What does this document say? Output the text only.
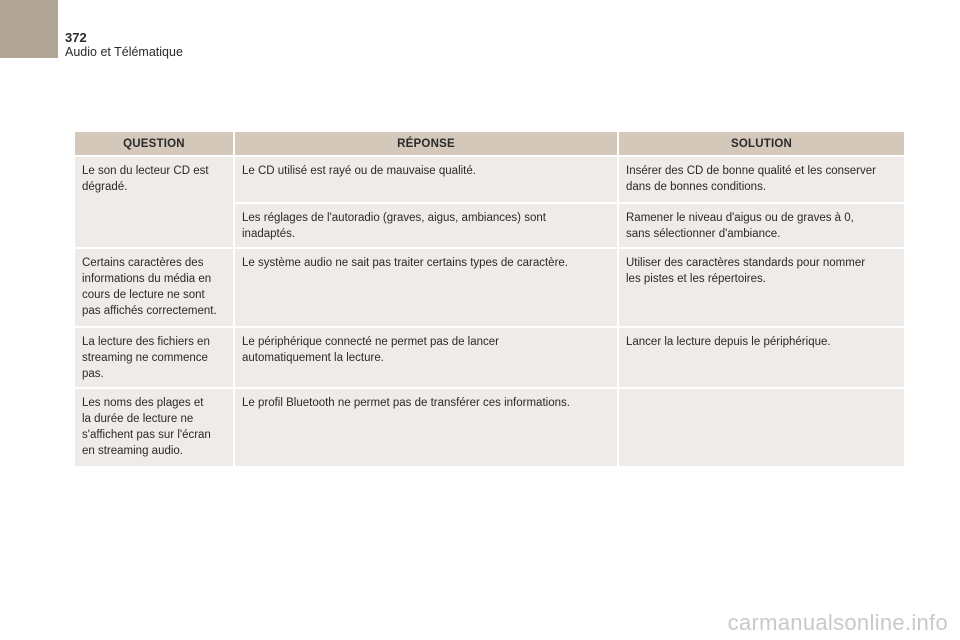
372
Audio et Télématique
QUESTION	RÉPONSE	SOLUTION
Le son du lecteur CD est
dégradé.	Le CD utilisé est rayé ou de mauvaise qualité.	Insérer des CD de bonne qualité et les conserver
dans de bonnes conditions.
	Les réglages de l'autoradio (graves, aigus, ambiances) sont
inadaptés.	Ramener le niveau d'aigus ou de graves à 0,
sans sélectionner d'ambiance.
Certains caractères des
informations du média en
cours de lecture ne sont
pas affichés correctement.	Le système audio ne sait pas traiter certains types de caractère.	Utiliser des caractères standards pour nommer
les pistes et les répertoires.
La lecture des fichiers en
streaming ne commence
pas.	Le périphérique connecté ne permet pas de lancer
automatiquement la lecture.	Lancer la lecture depuis le périphérique.
Les noms des plages et
la durée de lecture ne
s'affichent pas sur l'écran
en streaming audio.	Le profil Bluetooth ne permet pas de transférer ces informations.	
carmanualsonline.info
